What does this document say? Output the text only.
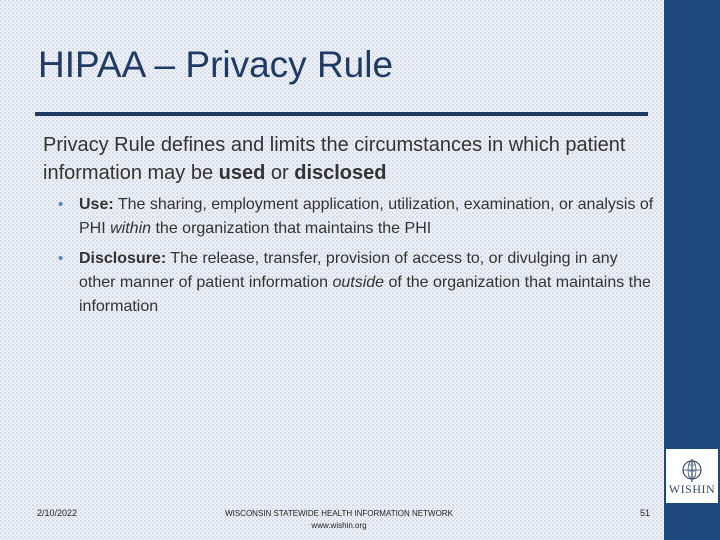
WISHIN
HIPAA – Privacy Rule

Privacy Rule defines and limits the circumstances in which patient information may be used or disclosed

• Use: The sharing, employment application, utilization, examination, or analysis of PHI within the organization that maintains the PHI
• Disclosure: The release, transfer, provision of access to, or divulging in any other manner of patient information outside of the organization that maintains the information
2/10/2022	WISCONSIN STATEWIDE HEALTH INFORMATION NETWORK
www.wishin.org
51
